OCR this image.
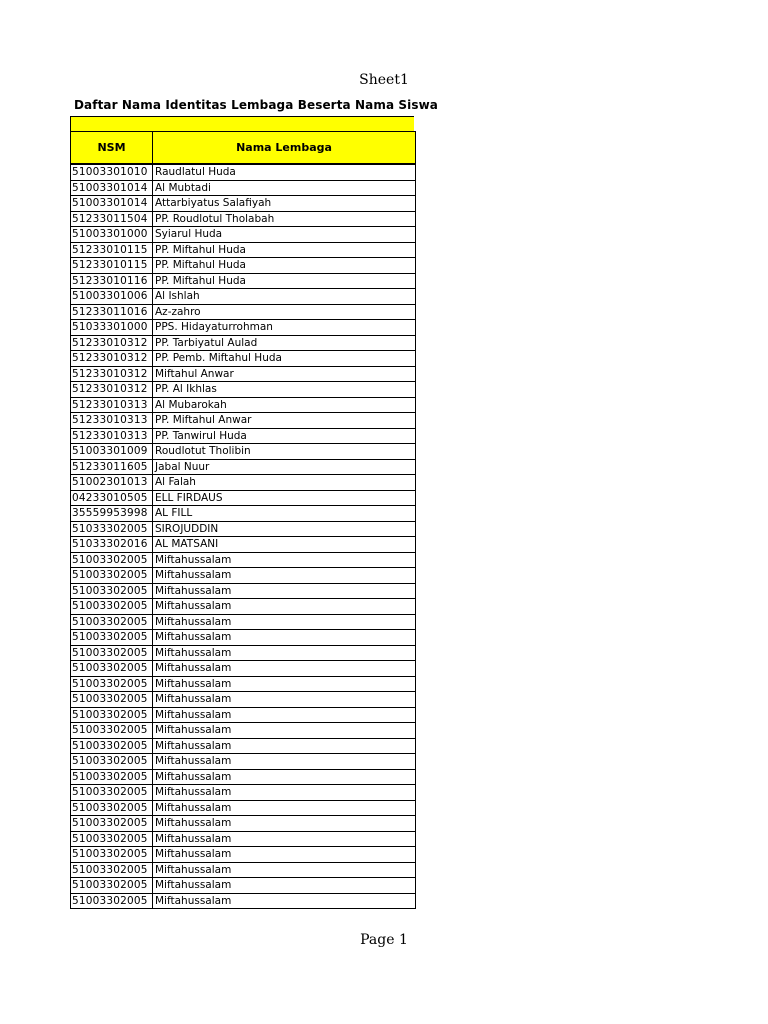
Sheet1
Daftar Nama Identitas Lembaga Beserta Nama Siswa
NSM	Nama Lembaga
51003301010	Raudlatul Huda
51003301014	Al Mubtadi
51003301014	Attarbiyatus Salafiyah
51233011504	PP. Roudlotul Tholabah
51003301000	Syiarul Huda
51233010115	PP. Miftahul Huda
51233010115	PP. Miftahul Huda
51233010116	PP. Miftahul Huda
51003301006	Al Ishlah
51233011016	Az-zahro
51033301000	PPS. Hidayaturrohman
51233010312	PP. Tarbiyatul Aulad
51233010312	PP. Pemb. Miftahul Huda
51233010312	Miftahul Anwar
51233010312	PP. Al Ikhlas
51233010313	Al Mubarokah
51233010313	PP. Miftahul Anwar
51233010313	PP. Tanwirul Huda
51003301009	Roudlotut Tholibin
51233011605	Jabal Nuur
51002301013	Al Falah
04233010505	ELL FIRDAUS
35559953998	AL FILL
51033302005	SIROJUDDIN
51033302016	AL MATSANI
51003302005	Miftahussalam
51003302005	Miftahussalam
51003302005	Miftahussalam
51003302005	Miftahussalam
51003302005	Miftahussalam
51003302005	Miftahussalam
51003302005	Miftahussalam
51003302005	Miftahussalam
51003302005	Miftahussalam
51003302005	Miftahussalam
51003302005	Miftahussalam
51003302005	Miftahussalam
51003302005	Miftahussalam
51003302005	Miftahussalam
51003302005	Miftahussalam
51003302005	Miftahussalam
51003302005	Miftahussalam
51003302005	Miftahussalam
51003302005	Miftahussalam
51003302005	Miftahussalam
51003302005	Miftahussalam
51003302005	Miftahussalam
51003302005	Miftahussalam
Page 1
